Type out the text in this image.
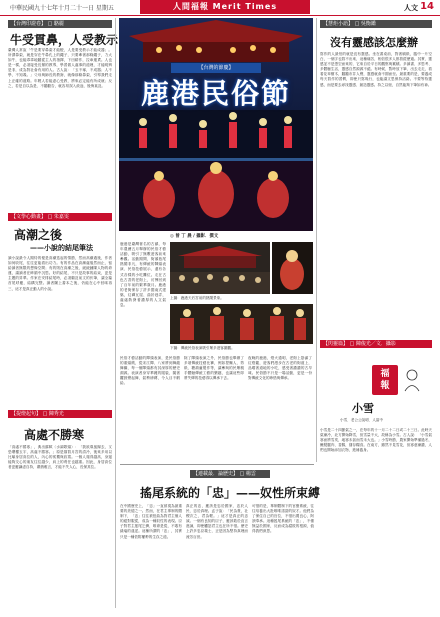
中華民國九十七年十月二十一日 星期五	人間福報 Merit Times	人文 14
【台灣印證卷】 □ 駱麗
牛受貫鼻，人受教示
臺灣人常說「牛是要穿鼻索才能駛，人是要受教示才能成器」。所謂鼻索，就是穿在牛鼻孔上的繩子，只要牽著那條繩子，力大如牛，也能乖乖地聽從主人的指揮，下田耕作，拉車運貨。人也是一樣，必須接受長輩的教導，學習做人處事的道理，才能明辨是非，成為對社會有用的人。古人說：「玉不琢，不成器；人不學，不知義。」父母與師長的教誨，就像那條鼻索，引導我們走上正確的道路。年輕人若能虛心受教，將來必定能有所成就；反之，若是自以為是、不聽勸告，就容易誤入歧途，後悔莫及。
【文學心動畫】 □ 朱嘉雯
高潮之後
——小說的結尾筆法
讀小說最令人期待的便是高潮迭起的情節，然而高潮過後，作者如何收尾，往往更能看出功力。有的作品在高潮處戛然而止，留給讀者無限的想像空間；有的則在高潮之後，緩緩鋪陳人物的命運，讓讀者在餘韻中沉思。好的結尾，不只是故事的結束，更是主題的昇華。作家在安排結尾時，必須顧及前文的伏筆，讓全篇首尾呼應，結構完整。讀者闔上書本之後，仍能在心中回味再三，這才是真正動人的小說。
【提燈起句】 □ 陳秀光
高處不勝寒
「高處不勝寒」，典出蘇軾〈水調歌頭〉：「我欲乘風歸去，又恐瓊樓玉宇，高處不勝寒。」原是描寫月宮的清冷，後來多用以比喻身居高位的人，內心的孤獨與寂寞。一個人爬得越高，身邊能夠交心的朋友往往越少，肩上的責任也越重。因此，身居高位者更應謙虛自持，廣納雅言，才能不失人心，長保其位。
【台灣的節慶】
鹿港民俗節
◎ 曾 丁 晨 / 攝影．撰文
鹿港是臺灣著名的古鎮，每年農曆五月舉辦的民俗才藝活動，吸引了無數遊客前來參觀。活動期間，街頭巷尾熱鬧非凡，有傳統的陣頭表演、民俗技藝展示，還有各式各樣的小吃攤位。走在古色古香的老街上，彷彿回到了百年前的繁華歲月。鹿港的老街保存了許多閩南式建築，紅磚瓦屋、曲折巷弄，處處散發著濃厚的人文氣息。
上圖：鹿港天后宮前的熱鬧景象。
下圖：傳統民俗表演吸引眾多遊客圍觀。
民俗才藝活動的陣頭表演，是民俗節的重頭戲，從宋江陣、八家將到舞龍舞獅，每一個陣頭都有其深厚的歷史淵源。表演者身穿華麗的服裝，隨著鑼鼓聲起舞，氣勢磅礡，令人目不暇給。
除了陣頭表演之外，民俗節也舉辦了多項傳統技藝比賽，例如捏麵人、剪紙、糖葫蘆製作等，讓參與的民眾親手體驗傳統工藝的樂趣，也讓這些即將失傳的技藝得以傳承下去。
夜晚的鹿港，燈火通明，老街上掛滿了紅燈籠，遊客們漫步在古老的街道上，品嚐著道地的小吃，感受著濃濃的古早味。民俗節不只是一場活動，更是一份對傳統文化的珍惜與傳承。
【慧炬小語】 □ 吳衡鑑
沒有靈感該怎麼辦
寫作的人最怕的就是沒有靈感。坐在書桌前，對著稿紙，腦中一片空白，一個字也寫不出來，這種痛苦，相信很多人都曾經歷過。其實，靈感並不是憑空而來的，它來自於平日的觀察與累積。多讀書、多思考、多體驗生活，靈感自然源源不絕。有時候，暫時放下筆，出去走走，看看花草樹木，聽聽市井人聲，靈感就會不期而至。最重要的是，要養成每天寫作的習慣，即使只寫幾行，也能讓文思保持活絡。不要等待靈感，而是要去尋找靈感、創造靈感。持之以恆，自然能夠下筆如有神。
【閃靈篇】 □ 陳俊光／文．攝影
福
報
小雪
小雪．老公公說明．人當中
小雪是二十四節氣之一，在每年的十一月二十二日或二十三日。此時天氣漸冷，北方開始降雪，但雪量不大，故稱為小雪。古人說：「小雪氣寒而將雪矣，地寒未甚而雪未大也。」小雪時節，農家開始準備過冬，醃製臘肉、香腸，儲存糧食。在南方，雖然不見雪花，但寒意漸濃，人們也開始添加衣物，進補養身。
【連載最．論歷史】 □ 楊雲
搖尾系統的「忠」——奴性所束縛
在中國歷史上，「忠」一直被視為最重要的美德之一。然而，在君主專制的體制下，「忠」往往被扭曲為對君主個人的絕對服從，成為一種奴性的表現。臣子對君主搖尾乞憐，唯命是從，不敢有絲毫的違逆。這種所謂的「忠」，其實只是一種依附權勢的生存之道。
真正的忠，應該是忠於國家、忠於人民、忠於真理。孟子說：「民為貴，社稷次之，君為輕。」這才是真正的忠誠。一個有良知的臣子，應該敢於直言進諫，即使觸怒君主也在所不惜。歷史上許多忠臣義士，正是因為堅持真理而流芳百世。
可惜的是，專制體制下的官僚系統，往往培養出大批唯唯諾諾的奴才。他們為了保住自己的官位，不惜出賣良心，阿諛奉承。這種搖尾系統的「忠」，不僅無益於國家，反而成為腐敗的根源，值得我們深思。
